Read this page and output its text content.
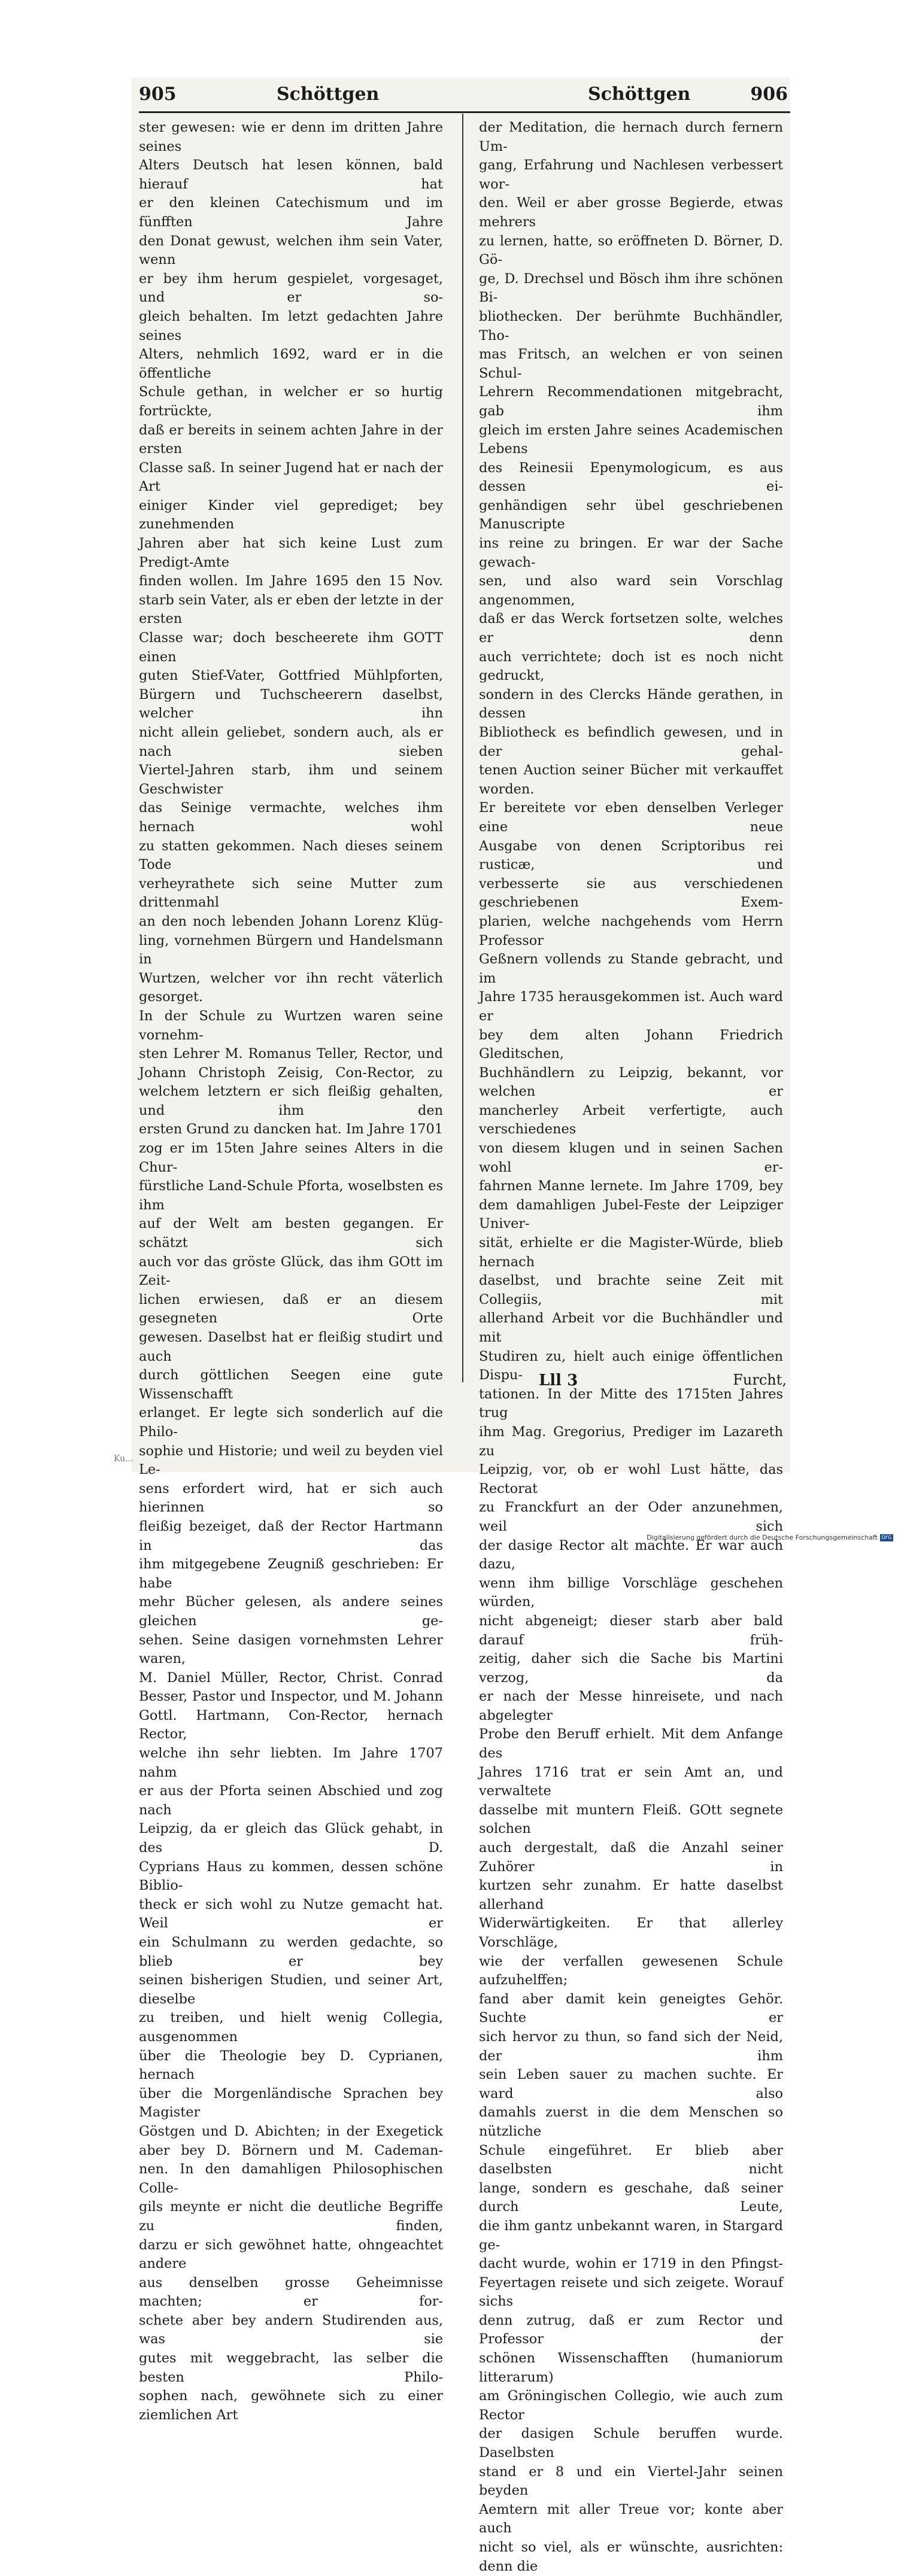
905	Schöttgen	Schöttgen	906

ster gewesen: wie er denn im dritten Jahre seines

Alters Deutsch hat lesen können, bald hierauf hat

er den kleinen Catechismum und im fünfften Jahre

den Donat gewust, welchen ihm sein Vater, wenn

er bey ihm herum gespielet, vorgesaget, und er so-

gleich behalten. Im letzt gedachten Jahre seines

Alters, nehmlich 1692, ward er in die öffentliche

Schule gethan, in welcher er so hurtig fortrückte,

daß er bereits in seinem achten Jahre in der ersten

Classe saß. In seiner Jugend hat er nach der Art

einiger Kinder viel geprediget; bey zunehmenden

Jahren aber hat sich keine Lust zum Predigt-Amte

finden wollen. Im Jahre 1695 den 15 Nov.

starb sein Vater, als er eben der letzte in der ersten

Classe war; doch bescheerete ihm GOTT einen

guten Stief-Vater, Gottfried Mühlpforten,

Bürgern und Tuchscheerern daselbst, welcher ihn

nicht allein geliebet, sondern auch, als er nach sieben

Viertel-Jahren starb, ihm und seinem Geschwister

das Seinige vermachte, welches ihm hernach wohl

zu statten gekommen. Nach dieses seinem Tode

verheyrathete sich seine Mutter zum drittenmahl

an den noch lebenden Johann Lorenz Klüg-

ling, vornehmen Bürgern und Handelsmann in

Wurtzen, welcher vor ihn recht väterlich gesorget.

In der Schule zu Wurtzen waren seine vornehm-

sten Lehrer M. Romanus Teller, Rector, und

Johann Christoph Zeisig, Con-Rector, zu

welchem letztern er sich fleißig gehalten, und ihm den

ersten Grund zu dancken hat. Im Jahre 1701

zog er im 15ten Jahre seines Alters in die Chur-

fürstliche Land-Schule Pforta, woselbsten es ihm

auf der Welt am besten gegangen. Er schätzt sich

auch vor das gröste Glück, das ihm GOtt im Zeit-

lichen erwiesen, daß er an diesem gesegneten Orte

gewesen. Daselbst hat er fleißig studirt und auch

durch göttlichen Seegen eine gute Wissenschafft

erlanget. Er legte sich sonderlich auf die Philo-

sophie und Historie; und weil zu beyden viel Le-

sens erfordert wird, hat er sich auch hierinnen so

fleißig bezeiget, daß der Rector Hartmann in das

ihm mitgegebene Zeugniß geschrieben: Er habe

mehr Bücher gelesen, als andere seines gleichen ge-

sehen. Seine dasigen vornehmsten Lehrer waren,

M. Daniel Müller, Rector, Christ. Conrad

Besser, Pastor und Inspector, und M. Johann

Gottl. Hartmann, Con-Rector, hernach Rector,

welche ihn sehr liebten. Im Jahre 1707 nahm

er aus der Pforta seinen Abschied und zog nach

Leipzig, da er gleich das Glück gehabt, in des D.

Cyprians Haus zu kommen, dessen schöne Biblio-

theck er sich wohl zu Nutze gemacht hat. Weil er

ein Schulmann zu werden gedachte, so blieb er bey

seinen bisherigen Studien, und seiner Art, dieselbe

zu treiben, und hielt wenig Collegia, ausgenommen

über die Theologie bey D. Cyprianen, hernach

über die Morgenländische Sprachen bey Magister

Göstgen und D. Abichten; in der Exegetick

aber bey D. Börnern und M. Cademan-

nen. In den damahligen Philosophischen Colle-

gils meynte er nicht die deutliche Begriffe zu finden,

darzu er sich gewöhnet hatte, ohngeachtet andere

aus denselben grosse Geheimnisse machten; er for-

schete aber bey andern Studirenden aus, was sie

gutes mit weggebracht, las selber die besten Philo-

sophen nach, gewöhnete sich zu einer ziemlichen Art

der Meditation, die hernach durch fernern Um-

gang, Erfahrung und Nachlesen verbessert wor-

den. Weil er aber grosse Begierde, etwas mehrers

zu lernen, hatte, so eröffneten D. Börner, D. Gö-

ge, D. Drechsel und Bösch ihm ihre schönen Bi-

bliothecken. Der berühmte Buchhändler, Tho-

mas Fritsch, an welchen er von seinen Schul-

Lehrern Recommendationen mitgebracht, gab ihm

gleich im ersten Jahre seines Academischen Lebens

des Reinesii Epenymologicum, es aus dessen ei-

genhändigen sehr übel geschriebenen Manuscripte

ins reine zu bringen. Er war der Sache gewach-

sen, und also ward sein Vorschlag angenommen,

daß er das Werck fortsetzen solte, welches er denn

auch verrichtete; doch ist es noch nicht gedruckt,

sondern in des Clercks Hände gerathen, in dessen

Bibliotheck es befindlich gewesen, und in der gehal-

tenen Auction seiner Bücher mit verkauffet worden.

Er bereitete vor eben denselben Verleger eine neue

Ausgabe von denen Scriptoribus rei rusticæ, und

verbesserte sie aus verschiedenen geschriebenen Exem-

plarien, welche nachgehends vom Herrn Professor

Geßnern vollends zu Stande gebracht, und im

Jahre 1735 herausgekommen ist. Auch ward er

bey dem alten Johann Friedrich Gleditschen,

Buchhändlern zu Leipzig, bekannt, vor welchen er

mancherley Arbeit verfertigte, auch verschiedenes

von diesem klugen und in seinen Sachen wohl er-

fahrnen Manne lernete. Im Jahre 1709, bey

dem damahligen Jubel-Feste der Leipziger Univer-

sität, erhielte er die Magister-Würde, blieb hernach

daselbst, und brachte seine Zeit mit Collegiis, mit

allerhand Arbeit vor die Buchhändler und mit

Studiren zu, hielt auch einige öffentlichen Dispu-

tationen. In der Mitte des 1715ten Jahres trug

ihm Mag. Gregorius, Prediger im Lazareth zu

Leipzig, vor, ob er wohl Lust hätte, das Rectorat

zu Franckfurt an der Oder anzunehmen, weil sich

der dasige Rector alt machte. Er war auch dazu,

wenn ihm billige Vorschläge geschehen würden,

nicht abgeneigt; dieser starb aber bald darauf früh-

zeitig, daher sich die Sache bis Martini verzog, da

er nach der Messe hinreisete, und nach abgelegter

Probe den Beruff erhielt. Mit dem Anfange des

Jahres 1716 trat er sein Amt an, und verwaltete

dasselbe mit muntern Fleiß. GOtt segnete solchen

auch dergestalt, daß die Anzahl seiner Zuhörer in

kurtzen sehr zunahm. Er hatte daselbst allerhand

Widerwärtigkeiten. Er that allerley Vorschläge,

wie der verfallen gewesenen Schule aufzuhelffen;

fand aber damit kein geneigtes Gehör. Suchte er

sich hervor zu thun, so fand sich der Neid, der ihm

sein Leben sauer zu machen suchte. Er ward also

damahls zuerst in die dem Menschen so nützliche

Schule eingeführet. Er blieb aber daselbsten nicht

lange, sondern es geschahe, daß seiner durch Leute,

die ihm gantz unbekannt waren, in Stargard ge-

dacht wurde, wohin er 1719 in den Pfingst-

Feyertagen reisete und sich zeigete. Worauf sichs

denn zutrug, daß er zum Rector und Professor der

schönen Wissenschafften (humaniorum litterarum)

am Gröningischen Collegio, wie auch zum Rector

der dasigen Schule beruffen wurde. Daselbsten

stand er 8 und ein Viertel-Jahr seinen beyden

Aemtern mit aller Treue vor; konte aber auch

nicht so viel, als er wünschte, ausrichten: denn die

Lll 3	Furcht,
Ku...
Digitalisierung gefördert durch die Deutsche Forschungsgemeinschaft DFG
